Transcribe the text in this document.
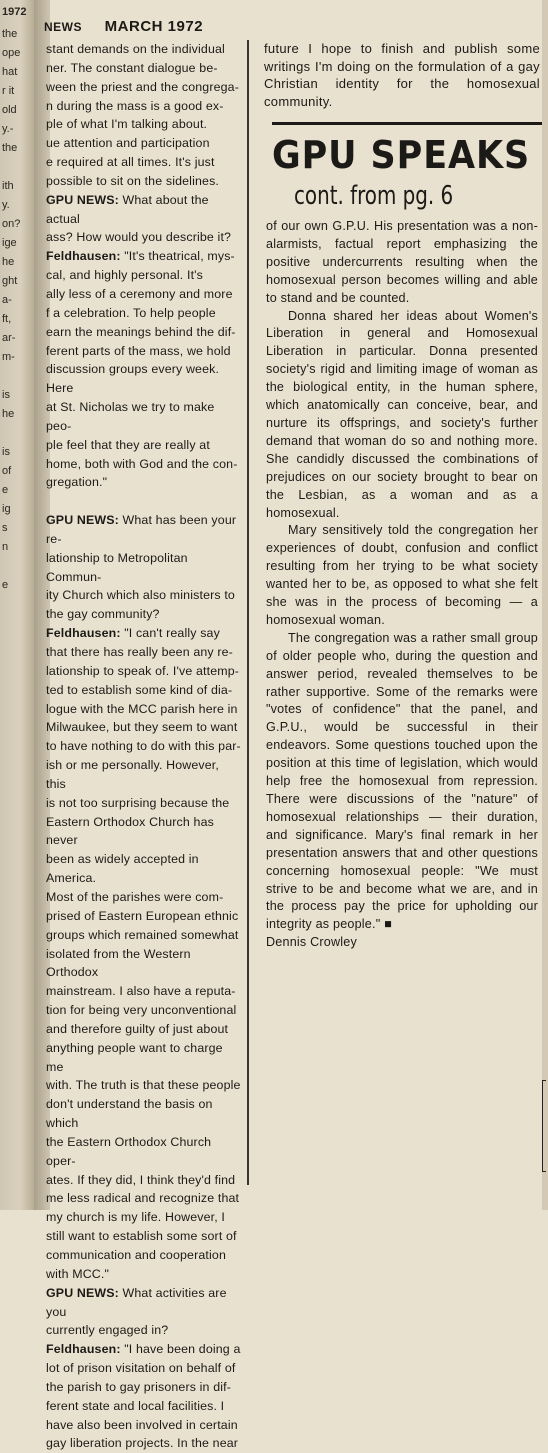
the
ope
hat
r it
old
y.-
the
ith
y.
on?
ige
he
ght
a-
ft,
ar-
m-
is
he
is
of
e
ig
s
n
e
1972
NEWS MARCH 1972

stant demands on the individual

ner. The constant dialogue be-

ween the priest and the congrega-

n during the mass is a good ex-

ple of what I'm talking about.

ue attention and participation

e required at all times. It's just

possible to sit on the sidelines.

GPU NEWS: What about the actual

ass? How would you describe it?

Feldhausen: "It's theatrical, mys-

cal, and highly personal. It's

ally less of a ceremony and more

f a celebration. To help people

earn the meanings behind the dif-

ferent parts of the mass, we hold

discussion groups every week. Here

at St. Nicholas we try to make peo-

ple feel that they are really at

home, both with God and the con-

gregation."

GPU NEWS: What has been your re-

lationship to Metropolitan Commun-

ity Church which also ministers to

the gay community?

Feldhausen: "I can't really say

that there has really been any re-

lationship to speak of. I've attemp-

ted to establish some kind of dia-

logue with the MCC parish here in

Milwaukee, but they seem to want

to have nothing to do with this par-

ish or me personally. However, this

is not too surprising because the

Eastern Orthodox Church has never

been as widely accepted in America.

Most of the parishes were com-

prised of Eastern European ethnic

groups which remained somewhat

isolated from the Western Orthodox

mainstream. I also have a reputa-

tion for being very unconventional

and therefore guilty of just about

anything people want to charge me

with. The truth is that these people

don't understand the basis on which

the Eastern Orthodox Church oper-

ates. If they did, I think they'd find

me less radical and recognize that

my church is my life. However, I

still want to establish some sort of

communication and cooperation

with MCC."

GPU NEWS: What activities are you

currently engaged in?

Feldhausen: "I have been doing a

lot of prison visitation on behalf of

the parish to gay prisoners in dif-

ferent state and local facilities. I

have also been involved in certain

gay liberation projects. In the near

future I hope to finish and publish some writings I'm doing on the formulation of a gay Christian identity for the homosexual community.

GPU SPEAKS
cont. from pg. 6

of our own G.P.U. His presentation was a non-alarmists, factual report emphasizing the positive undercurrents resulting when the homosexual person becomes willing and able to stand and be counted.

Donna shared her ideas about Women's Liberation in general and Homosexual Liberation in particular. Donna presented society's rigid and limiting image of woman as the biological entity, in the human sphere, which anatomically can conceive, bear, and nurture its offsprings, and society's further demand that woman do so and nothing more. She candidly discussed the combinations of prejudices on our society brought to bear on the Lesbian, as a woman and as a homosexual.

Mary sensitively told the congregation her experiences of doubt, confusion and conflict resulting from her trying to be what society wanted her to be, as opposed to what she felt she was in the process of becoming — a homosexual woman.

The congregation was a rather small group of older people who, during the question and answer period, revealed themselves to be rather supportive. Some of the remarks were "votes of confidence" that the panel, and G.P.U., would be successful in their endeavors. Some questions touched upon the position at this time of legislation, which would help free the homosexual from repression. There were discussions of the "nature" of homosexual relationships — their duration, and significance. Mary's final remark in her presentation answers that and other questions concerning homosexual people: "We must strive to be and become what we are, and in the process pay the price for upholding our integrity as people." ■

Dennis Crowley
